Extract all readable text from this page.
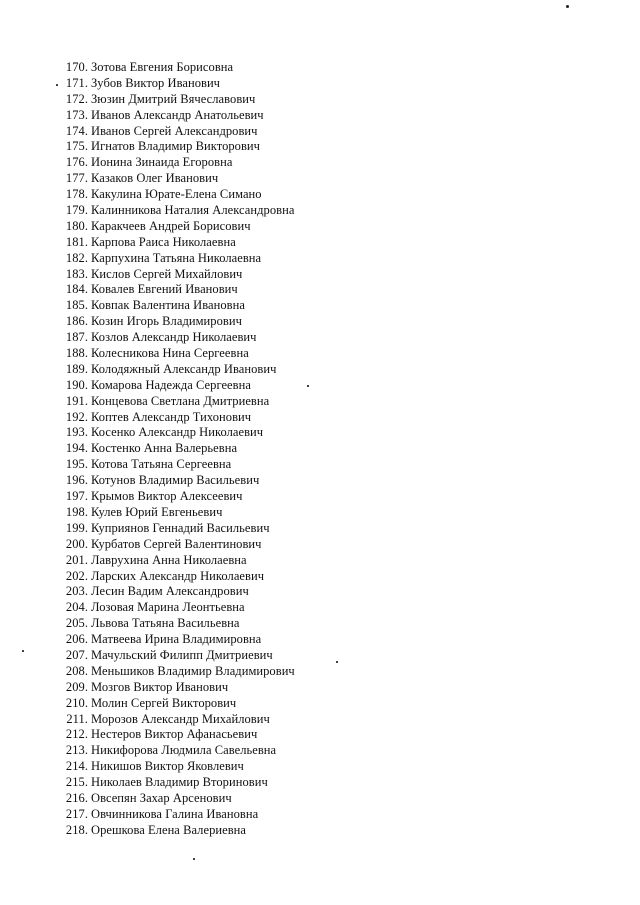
170. Зотова Евгения Борисовна
171. Зубов Виктор Иванович
172. Зюзин Дмитрий Вячеславович
173. Иванов Александр Анатольевич
174. Иванов Сергей Александрович
175. Игнатов Владимир Викторович
176. Ионина Зинаида Егоровна
177. Казаков Олег Иванович
178. Какулина Юрате-Елена Симано
179. Калинникова Наталия Александровна
180. Каракчеев Андрей Борисович
181. Карпова Раиса Николаевна
182. Карпухина Татьяна Николаевна
183. Кислов Сергей Михайлович
184. Ковалев Евгений Иванович
185. Ковпак Валентина Ивановна
186. Козин Игорь Владимирович
187. Козлов Александр Николаевич
188. Колесникова Нина Сергеевна
189. Колодяжный Александр Иванович
190. Комарова Надежда Сергеевна
191. Концевова Светлана Дмитриевна
192. Коптев Александр Тихонович
193. Косенко Александр Николаевич
194. Костенко Анна Валерьевна
195. Котова Татьяна Сергеевна
196. Котунов Владимир Васильевич
197. Крымов Виктор Алексеевич
198. Кулев Юрий Евгеньевич
199. Куприянов Геннадий Васильевич
200. Курбатов Сергей Валентинович
201. Лаврухина Анна Николаевна
202. Ларских Александр Николаевич
203. Лесин Вадим Александрович
204. Лозовая Марина Леонтьевна
205. Львова Татьяна Васильевна
206. Матвеева Ирина Владимировна
207. Мачульский Филипп Дмитриевич
208. Меньшиков Владимир Владимирович
209. Мозгов Виктор Иванович
210. Молин Сергей Викторович
211. Морозов Александр Михайлович
212. Нестеров Виктор Афанасьевич
213. Никифорова Людмила Савельевна
214. Никишов Виктор Яковлевич
215. Николаев Владимир Вторинович
216. Овсепян Захар Арсенович
217. Овчинникова Галина Ивановна
218. Орешкова Елена Валериевна
